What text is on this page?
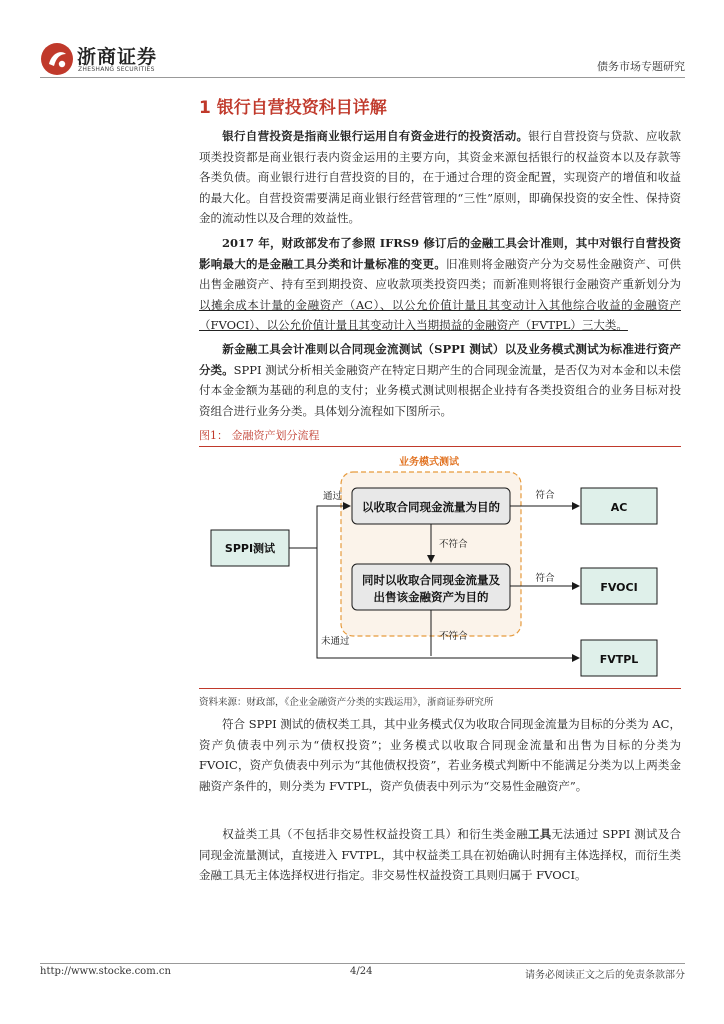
浙商证券
ZHESHANG SECURITIES	债务市场专题研究
1 银行自营投资科目详解
银行自营投资是指商业银行运用自有资金进行的投资活动。银行自营投资与贷款、应收款项类投资都是商业银行表内资金运用的主要方向，其资金来源包括银行的权益资本以及存款等各类负债。商业银行进行自营投资的目的，在于通过合理的资金配置，实现资产的增值和收益的最大化。自营投资需要满足商业银行经营管理的“三性”原则，即确保投资的安全性、保持资金的流动性以及合理的效益性。
2017 年，财政部发布了参照 IFRS9 修订后的金融工具会计准则，其中对银行自营投资影响最大的是金融工具分类和计量标准的变更。旧准则将金融资产分为交易性金融资产、可供出售金融资产、持有至到期投资、应收款项类投资四类；而新准则将银行金融资产重新划分为以摊余成本计量的金融资产（AC）、以公允价值计量且其变动计入其他综合收益的金融资产（FVOCI）、以公允价值计量且其变动计入当期损益的金融资产（FVTPL）三大类。
新金融工具会计准则以合同现金流测试（SPPI 测试）以及业务模式测试为标准进行资产分类。SPPI 测试分析相关金融资产在特定日期产生的合同现金流量，是否仅为对本金和以未偿付本金金额为基础的利息的支付；业务模式测试则根据企业持有各类投资组合的业务目标对投资组合进行业务分类。具体划分流程如下图所示。
图1： 金融资产划分流程
业务模式测试
以收取合同现金流量为目的
同时以收取合同现金流量及
出售该金融资产为目的
SPPI测试
AC
FVOCI
FVTPL
通过
未通过
符合
符合
不符合
不符合
资料来源：财政部，《企业金融资产分类的实践运用》，浙商证券研究所
符合 SPPI 测试的债权类工具，其中业务模式仅为收取合同现金流量为目标的分类为 AC，资产负债表中列示为“债权投资”；业务模式以收取合同现金流量和出售为目标的分类为 FVOIC，资产负债表中列示为“其他债权投资”，若业务模式判断中不能满足分类为以上两类金融资产条件的，则分类为 FVTPL，资产负债表中列示为“交易性金融资产”。
权益类工具（不包括非交易性权益投资工具）和衍生类金融工具无法通过 SPPI 测试及合同现金流量测试，直接进入 FVTPL，其中权益类工具在初始确认时拥有主体选择权，而衍生类金融工具无主体选择权进行指定。非交易性权益投资工具则归属于 FVOCI。
http://www.stocke.com.cn	4/24	请务必阅读正文之后的免责条款部分
